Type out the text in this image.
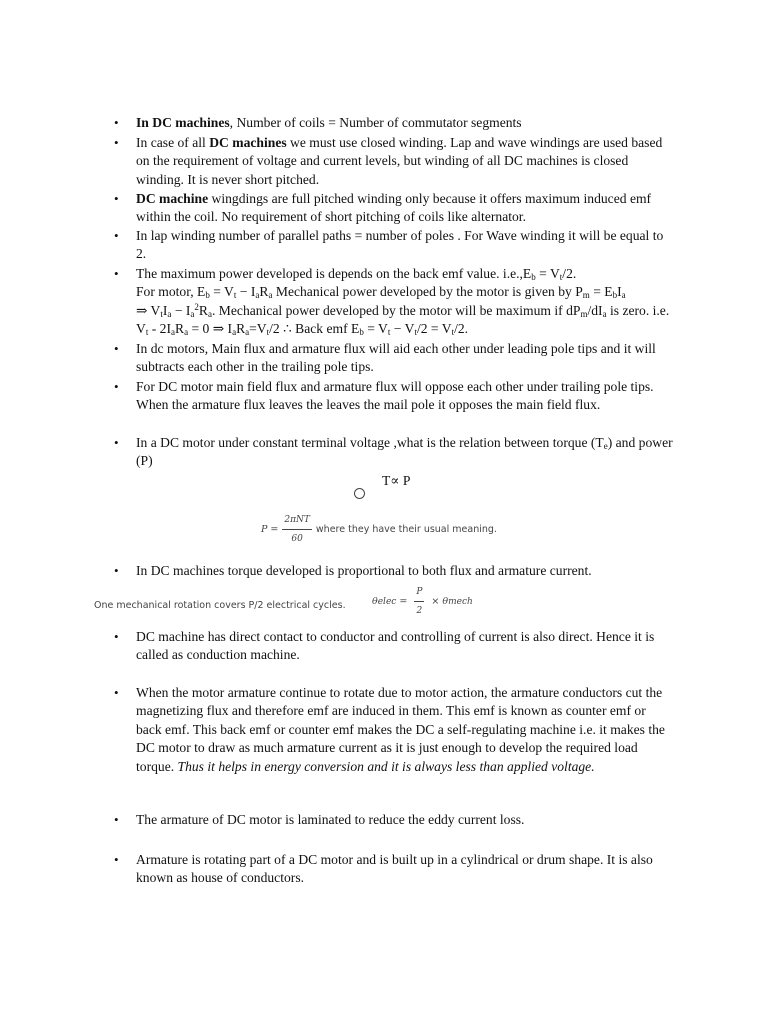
•
In DC machines, Number of coils = Number of commutator segments
•
In case of all DC machines we must use closed winding. Lap and wave windings are used based on the requirement of voltage and current levels, but winding of all DC machines is closed winding. It is never short pitched.
•
DC machine wingdings are full pitched winding only because it offers maximum induced emf within the coil. No requirement of short pitching of coils like alternator.
•
In lap winding number of parallel paths = number of poles . For Wave winding it will be equal to 2.
•
The maximum power developed is depends on the back emf value. $i.e.,E_b = V_t/2$.
For motor, $E_b = V_t - I_aR_a$ Mechanical power developed by the motor is given by $P_m = E_bI_a$
⇒ $V_tI_a - I_a^2R_a$. Mechanical power developed by the motor will be maximum if $dP_m/dI_a$ is zero. i.e. $V_t - 2I_aR_a = 0$ ⇒ $I_aR_a=V_t/2$ ∴ Back emf $E_b = V_t - V_t/2 = V_t/2$.
•
In dc motors, Main flux and armature flux will aid each other under leading pole tips and it will subtracts each other in the trailing pole tips.
•
For DC motor main field flux and armature flux will oppose each other under trailing pole tips. When the armature flux leaves the leaves the mail pole it opposes the main field flux.
•
In a DC motor under constant terminal voltage ,what is the relation between torque $(T_e)$ and power (P)
T∝ P
$P = \frac{\text{2πNT}}{60}$ where they have their usual meaning.
•
In DC machines torque developed is proportional to both flux and armature current.
One mechanical rotation covers P/2 electrical cycles.	θ elec = $\frac{P}{2} \times \theta$ mech
•
DC machine has direct contact to conductor and controlling of current is also direct. Hence it is called as conduction machine.
•
When the motor armature continue to rotate due to motor action, the armature conductors cut the magnetizing flux and therefore emf are induced in them. This emf is known as counter emf or back emf. This back emf or counter emf makes the DC a self-regulating machine i.e. it makes the DC motor to draw as much armature current as it is just enough to develop the required load torque. Thus it helps in energy conversion and it is always less than applied voltage.
•
The armature of DC motor is laminated to reduce the eddy current loss.
•
Armature is rotating part of a DC motor and is built up in a cylindrical or drum shape. It is also known as house of conductors.
